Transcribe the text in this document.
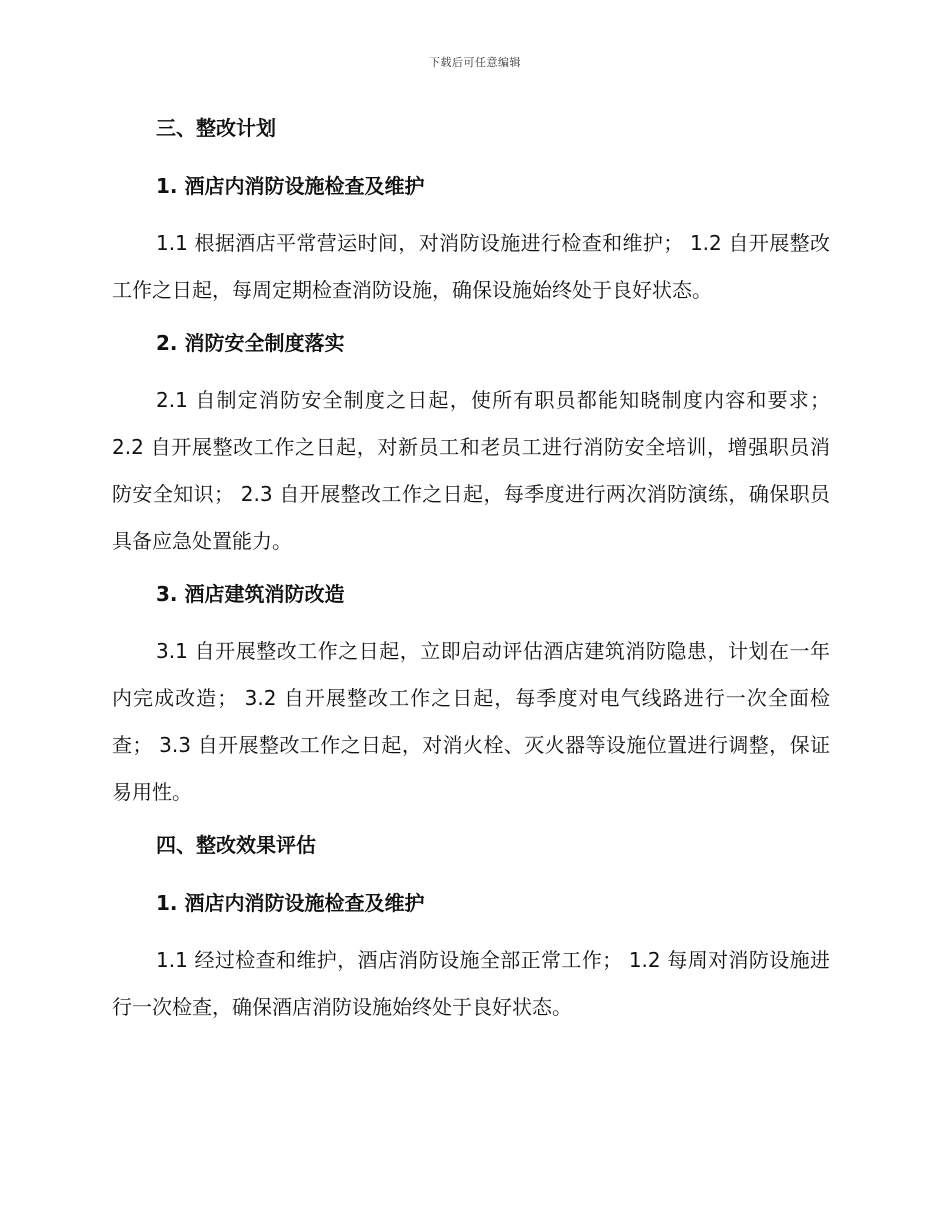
下载后可任意编辑
三、整改计划
1. 酒店内消防设施检查及维护

1.1 根据酒店平常营运时间，对消防设施进行检查和维护； 1.2 自开展整改工作之日起，每周定期检查消防设施，确保设施始终处于良好状态。

2. 消防安全制度落实

2.1 自制定消防安全制度之日起，使所有职员都能知晓制度内容和要求； 2.2 自开展整改工作之日起，对新员工和老员工进行消防安全培训，增强职员消防安全知识； 2.3 自开展整改工作之日起，每季度进行两次消防演练，确保职员具备应急处置能力。

3. 酒店建筑消防改造

3.1 自开展整改工作之日起，立即启动评估酒店建筑消防隐患，计划在一年内完成改造； 3.2 自开展整改工作之日起，每季度对电气线路进行一次全面检查； 3.3 自开展整改工作之日起，对消火栓、灭火器等设施位置进行调整，保证易用性。

四、整改效果评估
1. 酒店内消防设施检查及维护

1.1 经过检查和维护，酒店消防设施全部正常工作； 1.2 每周对消防设施进行一次检查，确保酒店消防设施始终处于良好状态。
